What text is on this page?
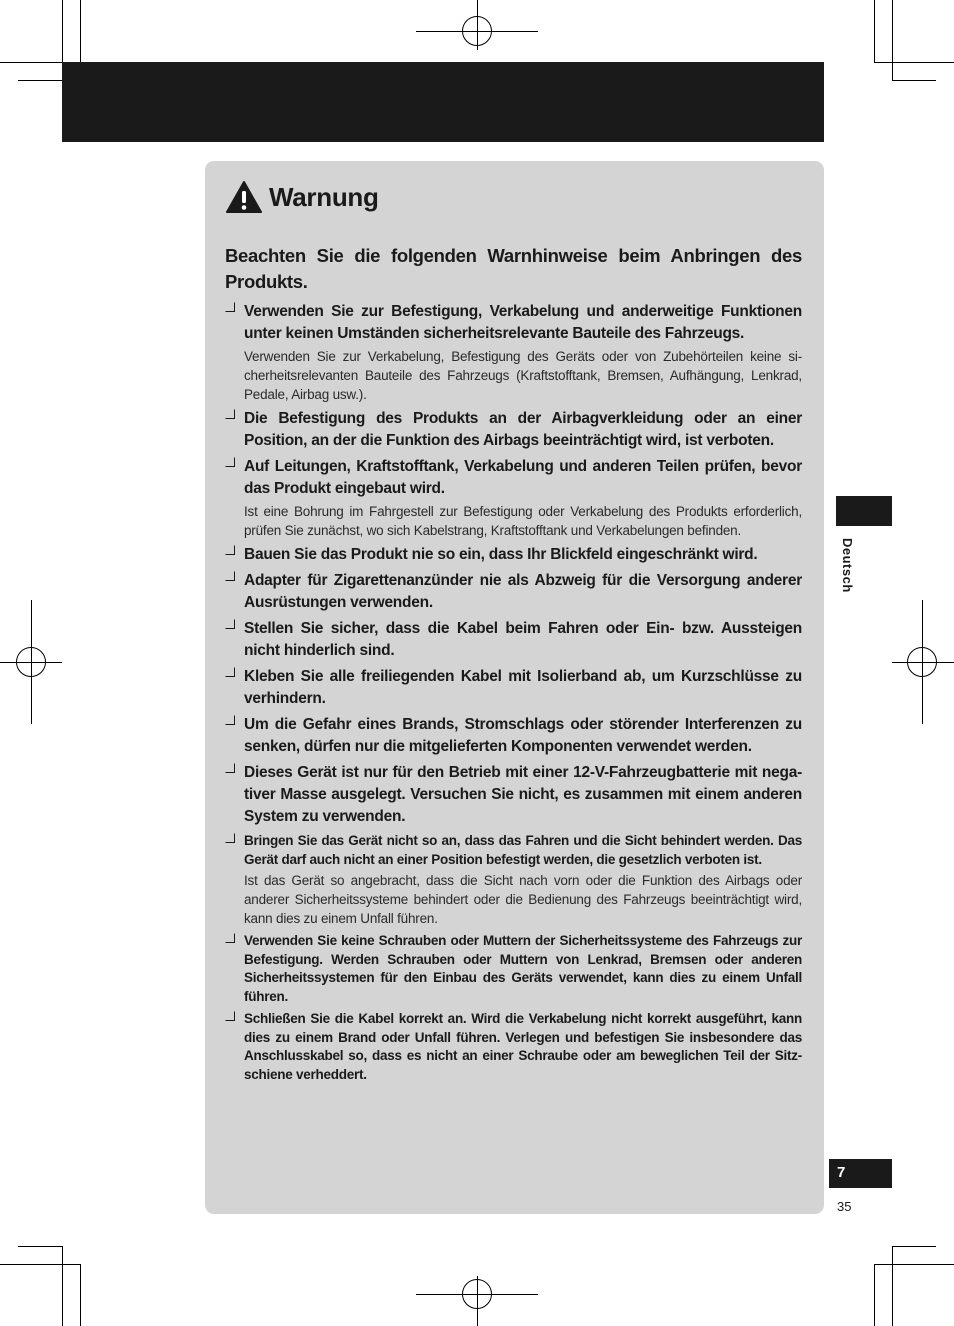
Warnung
Beachten Sie die folgenden Warnhinweise beim Anbringen des Produkts.
Verwenden Sie zur Befestigung, Verkabelung und anderweitige Funktionen unter keinen Umständen sicherheitsrelevante Bauteile des Fahrzeugs.
Verwenden Sie zur Verkabelung, Befestigung des Geräts oder von Zubehörteilen keine si-cherheitsrelevanten Bauteile des Fahrzeugs (Kraftstofftank, Bremsen, Aufhängung, Lenkrad, Pedale, Airbag usw.).
Die Befestigung des Produkts an der Airbagverkleidung oder an einer Position, an der die Funktion des Airbags beeinträchtigt wird, ist verboten.
Auf Leitungen, Kraftstofftank, Verkabelung und anderen Teilen prüfen, bevor das Produkt eingebaut wird.
Ist eine Bohrung im Fahrgestell zur Befestigung oder Verkabelung des Produkts erforderlich, prüfen Sie zunächst, wo sich Kabelstrang, Kraftstofftank und Verkabelungen befinden.
Bauen Sie das Produkt nie so ein, dass Ihr Blickfeld eingeschränkt wird.
Adapter für Zigarettenanzünder nie als Abzweig für die Versorgung anderer Ausrüstungen verwenden.
Stellen Sie sicher, dass die Kabel beim Fahren oder Ein- bzw. Aussteigen nicht hinderlich sind.
Kleben Sie alle freiliegenden Kabel mit Isolierband ab, um Kurzschlüsse zu verhindern.
Um die Gefahr eines Brands, Stromschlags oder störender Interferenzen zu senken, dürfen nur die mitgelieferten Komponenten verwendet werden.
Dieses Gerät ist nur für den Betrieb mit einer 12-V-Fahrzeugbatterie mit nega-tiver Masse ausgelegt. Versuchen Sie nicht, es zusammen mit einem anderen System zu verwenden.
Bringen Sie das Gerät nicht so an, dass das Fahren und die Sicht behindert werden. Das Gerät darf auch nicht an einer Position befestigt werden, die gesetzlich verboten ist.
Ist das Gerät so angebracht, dass die Sicht nach vorn oder die Funktion des Airbags oder anderer Sicherheitssysteme behindert oder die Bedienung des Fahrzeugs beeinträchtigt wird, kann dies zu einem Unfall führen.
Verwenden Sie keine Schrauben oder Muttern der Sicherheitssysteme des Fahrzeugs zur Befestigung. Werden Schrauben oder Muttern von Lenkrad, Bremsen oder anderen Sicherheitssystemen für den Einbau des Geräts verwendet, kann dies zu einem Unfall führen.
Schließen Sie die Kabel korrekt an. Wird die Verkabelung nicht korrekt ausgeführt, kann dies zu einem Brand oder Unfall führen. Verlegen und befestigen Sie insbesondere das Anschlusskabel so, dass es nicht an einer Schraube oder am beweglichen Teil der Sitz-schiene verheddert.
Deutsch
7
35
